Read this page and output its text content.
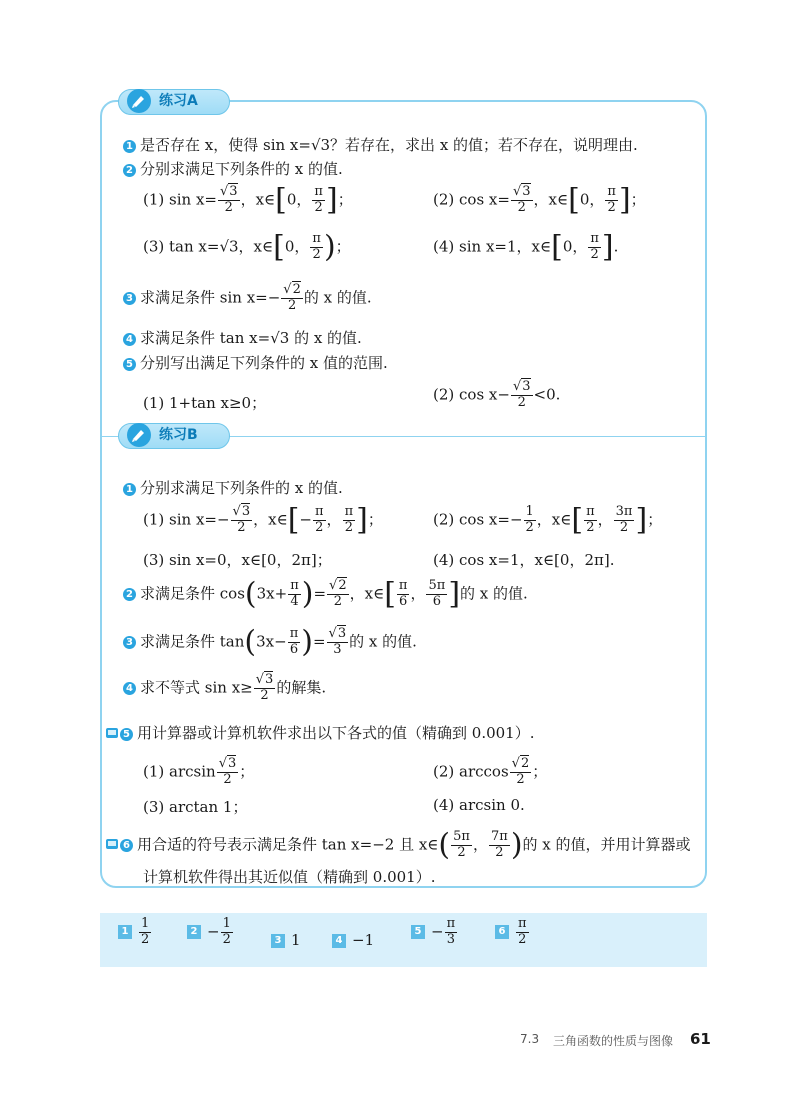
练习A
1 是否存在 x，使得 sin x=√3？若存在，求出 x 的值；若不存在，说明理由.
2 分别求满足下列条件的 x 的值.
(1) $\sin x= \frac{√3}{2}$ ，x∈[0， $\frac{\pi}{2}$ ]；	(2) $\cos x= \frac{√3}{2}$ ，x∈[0， $\frac{\pi}{2}$ ]；
(3) tan x=√3，x∈[0， $\frac{\pi}{2}$ )；	(4) sin x=1，x∈[0， $\frac{\pi}{2}$ ].
3 求满足条件 $\sin x=- \frac{√2}{2}$ 的 x 的值.
4 求满足条件 tan x=√3 的 x 的值.
5 分别写出满足下列条件的 x 值的范围.
(1) 1+tan x≥0；	(2) $\cos x- \frac{√3}{2} <0$.
练习B
1 分别求满足下列条件的 x 的值.
(1) $\sin x=- \frac{√3}{2}$ ，x∈[− $\frac{\pi}{2}$ ， $\frac{\pi}{2}$ ]；	(2) $\cos x=- \frac{1}{2}$ ，x∈[ $\frac{\pi}{2}$ ， $\frac{3\pi}{2}$ ]；
(3) sin x=0，x∈[0，2π]；	(4) cos x=1，x∈[0，2π].
2 求满足条件 $\cos(3x+ \frac{\pi}{4}$ )= $\frac{√2}{2}$ ，x∈[ $\frac{\pi}{6}$ ， $\frac{5\pi}{6}$ ]的 x 的值.
3 求满足条件 $\tan(3x- \frac{\pi}{6}$ )= $\frac{√3}{3}$ 的 x 的值.
4 求不等式 $\sin x\ge \frac{√3}{2}$ 的解集.
5 用计算器或计算机软件求出以下各式的值（精确到 0.001）.
(1) $\arcsin \frac{√3}{2}$ ；	(2) $\arccos \frac{√2}{2}$ ；
(3) arctan 1；	(4) arcsin 0.
6 用合适的符号表示满足条件 tan x=−2 且 x∈( $\frac{5\pi}{2}$ ， $\frac{7\pi}{2}$ )的 x 的值，并用计算器或
计算机软件得出其近似值（精确到 0.001）.
$1 \frac{1}{2}$	$2 - \frac{1}{2}$	3 1	4 −1	$5 - \frac{\pi}{3}$	$6 \frac{\pi}{2}$
7.3 三角函数的性质与图像 61
